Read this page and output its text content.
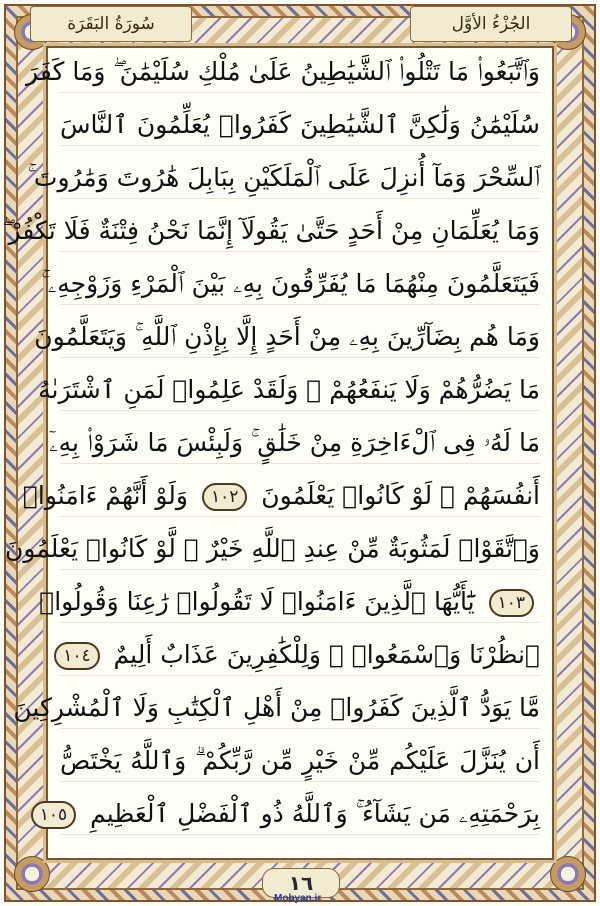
الجُزْءُ الأوَّل
سُورَةُ البَقَرَة
وَٱتَّبَعُوا۟ مَا تَتْلُوا۟ ٱلشَّيَٰطِينُ عَلَىٰ مُلْكِ سُلَيْمَٰنَ ۖ وَمَا كَفَرَ
سُلَيْمَٰنُ وَلَٰكِنَّ ٱلشَّيَٰطِينَ كَفَرُوا۟ يُعَلِّمُونَ ٱلنَّاسَ
ٱلسِّحْرَ وَمَآ أُنزِلَ عَلَى ٱلْمَلَكَيْنِ بِبَابِلَ هَٰرُوتَ وَمَٰرُوتَ ۚ
وَمَا يُعَلِّمَانِ مِنْ أَحَدٍ حَتَّىٰ يَقُولَآ إِنَّمَا نَحْنُ فِتْنَةٌ فَلَا تَكْفُرْ ۖ
فَيَتَعَلَّمُونَ مِنْهُمَا مَا يُفَرِّقُونَ بِهِۦ بَيْنَ ٱلْمَرْءِ وَزَوْجِهِۦ ۚ
وَمَا هُم بِضَآرِّينَ بِهِۦ مِنْ أَحَدٍ إِلَّا بِإِذْنِ ٱللَّهِ ۚ وَيَتَعَلَّمُونَ
مَا يَضُرُّهُمْ وَلَا يَنفَعُهُمْ ۚ وَلَقَدْ عَلِمُوا۟ لَمَنِ ٱشْتَرَىٰهُ
مَا لَهُۥ فِى ٱلْءَاخِرَةِ مِنْ خَلَٰقٍ ۚ وَلَبِئْسَ مَا شَرَوْا۟ بِهِۦٓ
أَنفُسَهُمْ ۚ لَوْ كَانُوا۟ يَعْلَمُونَ ١٠٢ وَلَوْ أَنَّهُمْ ءَامَنُوا۟
وَٱتَّقَوْا۟ لَمَثُوبَةٌ مِّنْ عِندِ ٱللَّهِ خَيْرٌ ۖ لَّوْ كَانُوا۟ يَعْلَمُونَ
١٠٣ يَٰٓأَيُّهَا ٱلَّذِينَ ءَامَنُوا۟ لَا تَقُولُوا۟ رَٰعِنَا وَقُولُوا۟
ٱنظُرْنَا وَٱسْمَعُوا۟ ۗ وَلِلْكَٰفِرِينَ عَذَابٌ أَلِيمٌ ١٠٤
مَّا يَوَدُّ ٱلَّذِينَ كَفَرُوا۟ مِنْ أَهْلِ ٱلْكِتَٰبِ وَلَا ٱلْمُشْرِكِينَ
أَن يُنَزَّلَ عَلَيْكُم مِّنْ خَيْرٍ مِّن رَّبِّكُمْ ۗ وَٱللَّهُ يَخْتَصُّ
بِرَحْمَتِهِۦ مَن يَشَآءُ ۚ وَٱللَّهُ ذُو ٱلْفَضْلِ ٱلْعَظِيمِ ١٠٥
١٦
Mobyan.ir
